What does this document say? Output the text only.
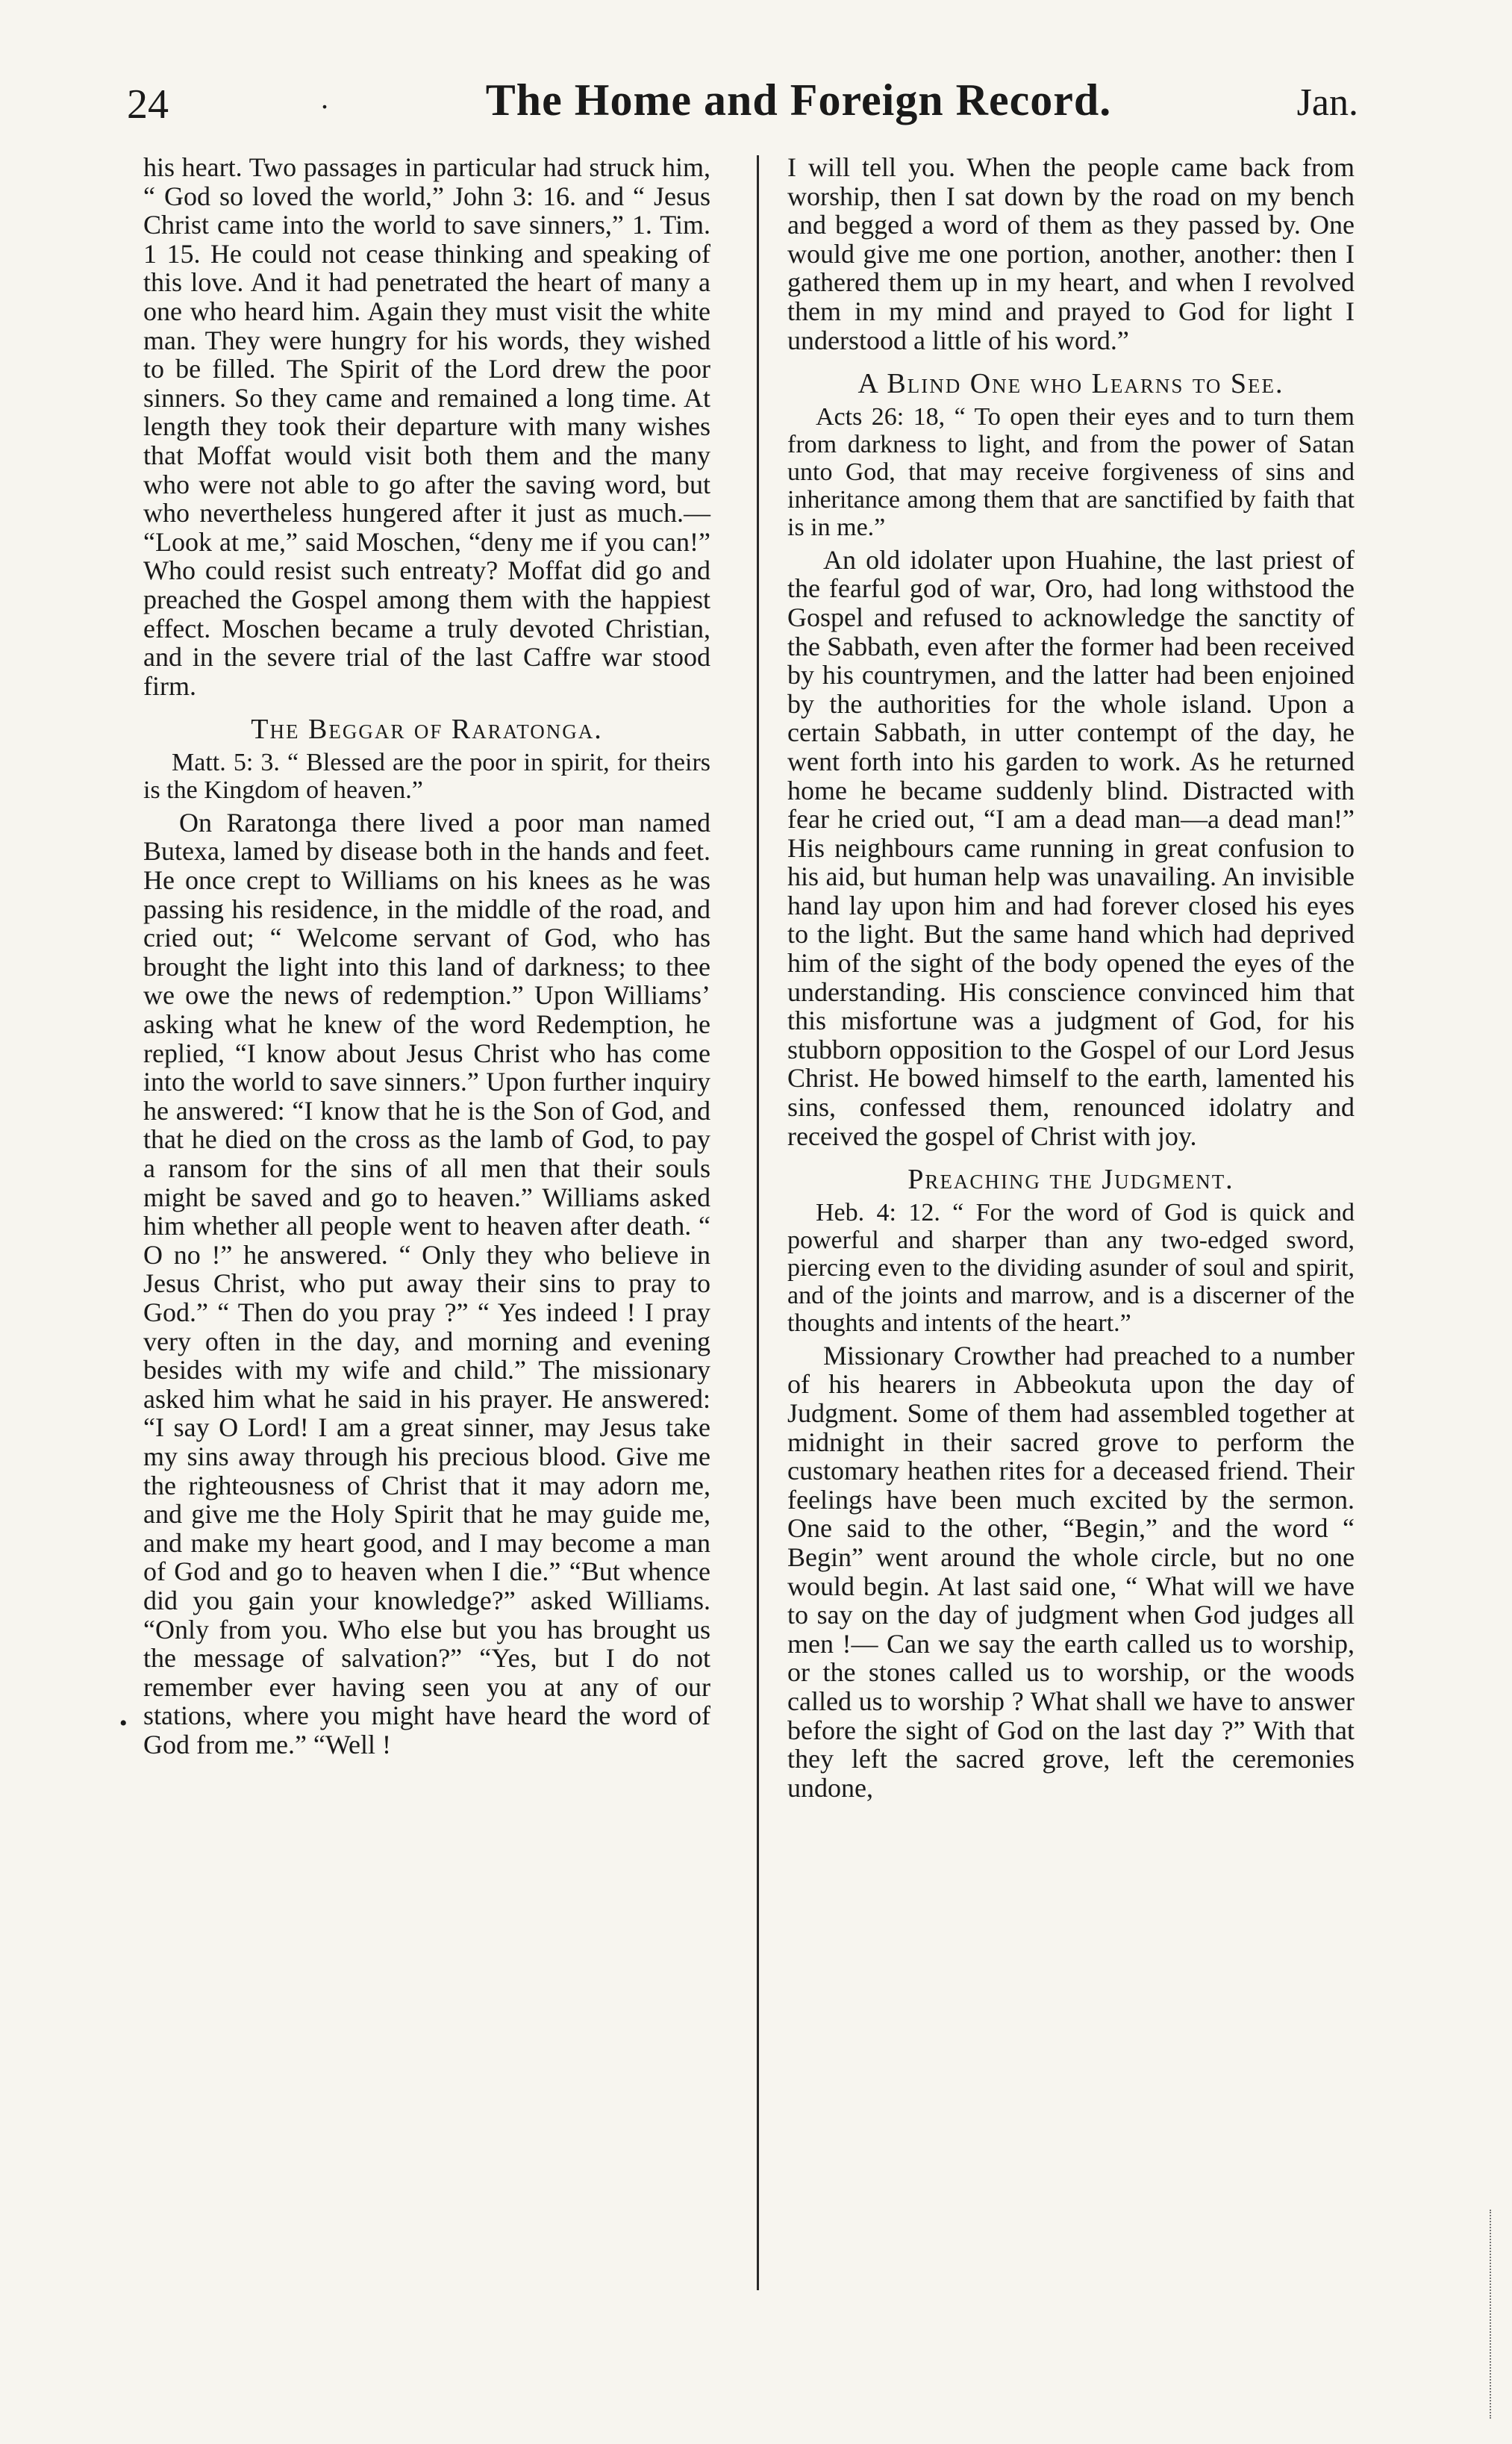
24	.	The Home and Foreign Record.	Jan.

his heart. Two passages in particular had struck him, “ God so loved the world,” John 3: 16. and “ Jesus Christ came into the world to save sinners,” 1. Tim. 1 15. He could not cease thinking and speaking of this love. And it had penetrated the heart of many a one who heard him. Again they must visit the white man. They were hungry for his words, they wished to be filled. The Spirit of the Lord drew the poor sinners. So they came and remained a long time. At length they took their departure with many wishes that Moffat would visit both them and the many who were not able to go after the saving word, but who nevertheless hungered after it just as much.— “Look at me,” said Moschen, “deny me if you can!” Who could resist such entreaty? Moffat did go and preached the Gospel among them with the happiest effect. Moschen became a truly devoted Christian, and in the severe trial of the last Caffre war stood firm.

The Beggar of Raratonga.

Matt. 5: 3. “ Blessed are the poor in spirit, for theirs is the Kingdom of heaven.”

On Raratonga there lived a poor man named Butexa, lamed by disease both in the hands and feet. He once crept to Williams on his knees as he was passing his residence, in the middle of the road, and cried out; “ Welcome servant of God, who has brought the light into this land of darkness; to thee we owe the news of redemption.” Upon Williams’ asking what he knew of the word Redemption, he replied, “I know about Jesus Christ who has come into the world to save sinners.” Upon further inquiry he answered: “I know that he is the Son of God, and that he died on the cross as the lamb of God, to pay a ransom for the sins of all men that their souls might be saved and go to heaven.” Williams asked him whether all people went to heaven after death. “ O no !” he answered. “ Only they who believe in Jesus Christ, who put away their sins to pray to God.” “ Then do you pray ?” “ Yes indeed ! I pray very often in the day, and morning and evening besides with my wife and child.” The missionary asked him what he said in his prayer. He answered: “I say O Lord! I am a great sinner, may Jesus take my sins away through his precious blood. Give me the righteousness of Christ that it may adorn me, and give me the Holy Spirit that he may guide me, and make my heart good, and I may become a man of God and go to heaven when I die.” “But whence did you gain your knowledge?” asked Williams. “Only from you. Who else but you has brought us the message of salvation?” “Yes, but I do not remember ever having seen you at any of our stations, where you might have heard the word of God from me.” “Well !

I will tell you. When the people came back from worship, then I sat down by the road on my bench and begged a word of them as they passed by. One would give me one portion, another, another: then I gathered them up in my heart, and when I revolved them in my mind and prayed to God for light I understood a little of his word.”

A Blind One who Learns to See.

Acts 26: 18, “ To open their eyes and to turn them from darkness to light, and from the power of Satan unto God, that may receive forgiveness of sins and inheritance among them that are sanctified by faith that is in me.”

An old idolater upon Huahine, the last priest of the fearful god of war, Oro, had long withstood the Gospel and refused to acknowledge the sanctity of the Sabbath, even after the former had been received by his countrymen, and the latter had been enjoined by the authorities for the whole island. Upon a certain Sabbath, in utter contempt of the day, he went forth into his garden to work. As he returned home he became suddenly blind. Distracted with fear he cried out, “I am a dead man—a dead man!” His neighbours came running in great confusion to his aid, but human help was unavailing. An invisible hand lay upon him and had forever closed his eyes to the light. But the same hand which had deprived him of the sight of the body opened the eyes of the understanding. His conscience convinced him that this misfortune was a judgment of God, for his stubborn opposition to the Gospel of our Lord Jesus Christ. He bowed himself to the earth, lamented his sins, confessed them, renounced idolatry and received the gospel of Christ with joy.

Preaching the Judgment.

Heb. 4: 12. “ For the word of God is quick and powerful and sharper than any two-edged sword, piercing even to the dividing asunder of soul and spirit, and of the joints and marrow, and is a discerner of the thoughts and intents of the heart.”

Missionary Crowther had preached to a number of his hearers in Abbeokuta upon the day of Judgment. Some of them had assembled together at midnight in their sacred grove to perform the customary heathen rites for a deceased friend. Their feelings have been much excited by the sermon. One said to the other, “Begin,” and the word “ Begin” went around the whole circle, but no one would begin. At last said one, “ What will we have to say on the day of judgment when God judges all men !— Can we say the earth called us to worship, or the stones called us to worship, or the woods called us to worship ? What shall we have to answer before the sight of God on the last day ?” With that they left the sacred grove, left the ceremonies undone,

•
